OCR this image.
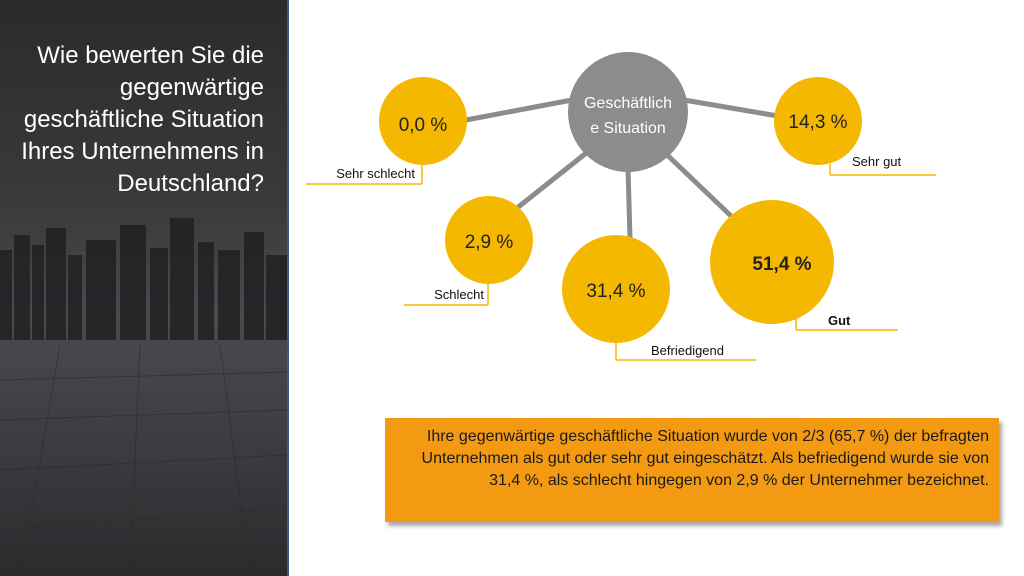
Wie bewerten Sie die gegenwärtige geschäftliche Situation Ihres Unternehmens in Deutschland?
Geschäftlich
e Situation
0,0 %
Sehr schlecht
2,9 %
Schlecht	31,4 %
Befriedigend
51,4 %
Gut
14,3 %
Sehr gut
Ihre gegenwärtige geschäftliche Situation wurde von 2/3 (65,7 %) der befragten Unternehmen als gut oder sehr gut eingeschätzt. Als befriedigend wurde sie von 31,4 %, als schlecht hingegen von 2,9 % der Unternehmer bezeichnet.
